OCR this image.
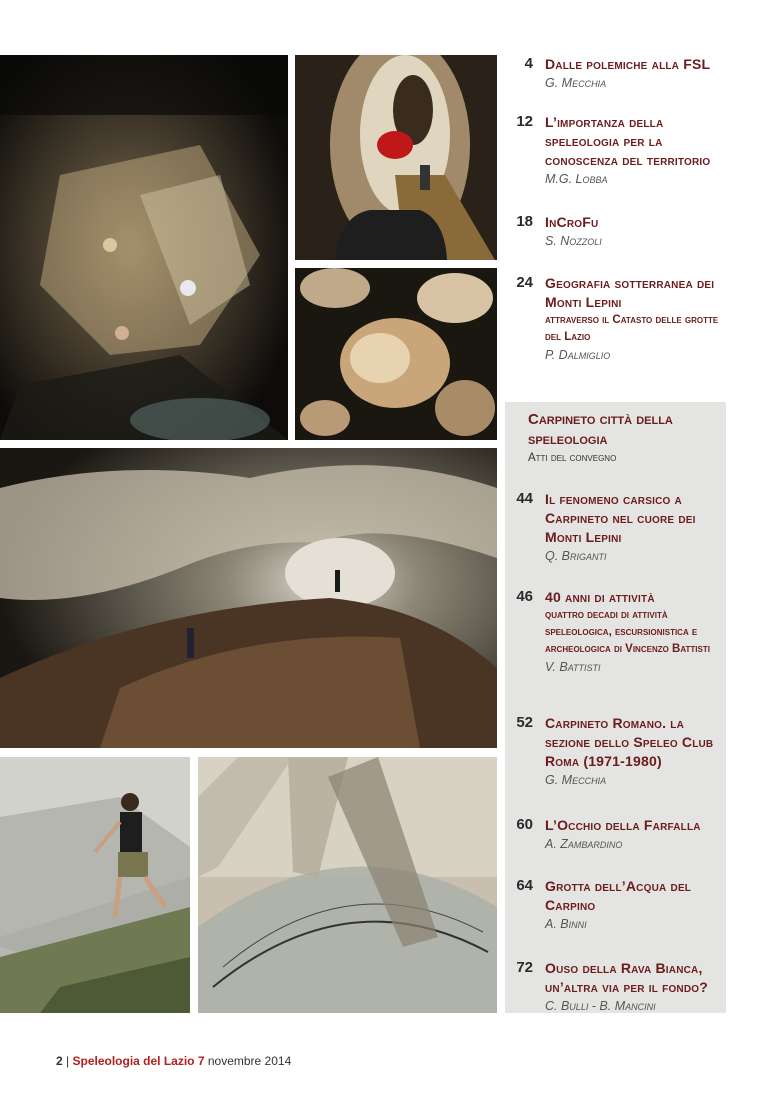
4 Dalle polemiche alla FSL
G. Mecchia
12 L’importanza della speleologia per la conoscenza del territorio
M.G. Lobba
18 InCroFu
S. Nozzoli
24 Geografia sotterranea dei Monti Lepini
attraverso il Catasto delle grotte del Lazio
P. Dalmiglio
Carpineto città della speleologia
Atti del convegno
44 Il fenomeno carsico a Carpineto nel cuore dei Monti Lepini
Q. Briganti
46 40 anni di attività
quattro decadi di attività speleologica, escursionistica e archeologica di Vincenzo Battisti
V. Battisti
52 Carpineto Romano. la sezione dello Speleo Club Roma (1971-1980)
G. Mecchia
60 L’Occhio della Farfalla
A. Zambardino
64 Grotta dell’Acqua del Carpino
A. Binni
72 Ouso della Rava Bianca, un’altra via per il fondo?
C. Bulli - B. Mancini
2 | Speleologia del Lazio 7 novembre 2014
